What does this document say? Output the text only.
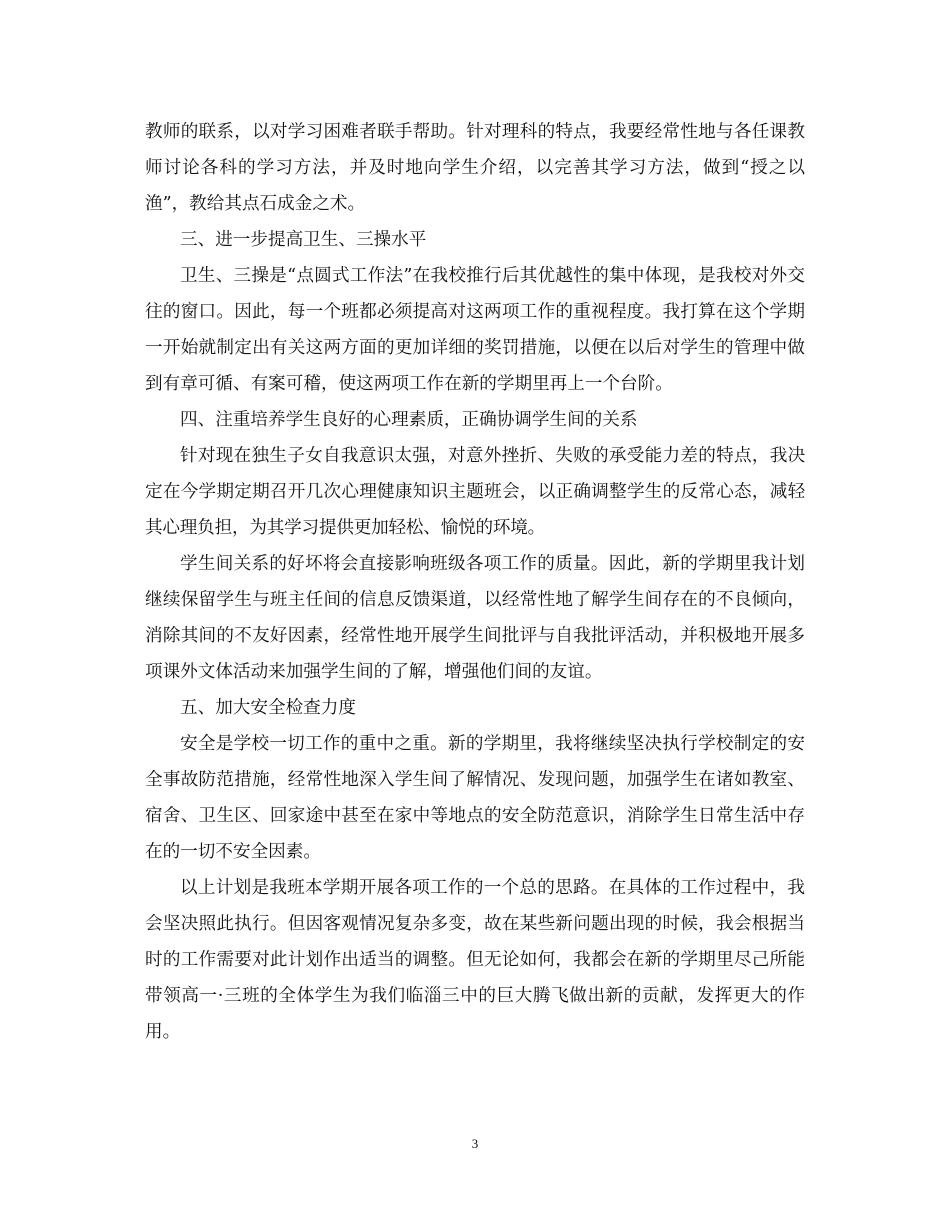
教师的联系，以对学习困难者联手帮助。针对理科的特点，我要经常性地与各任课教师讨论各科的学习方法，并及时地向学生介绍，以完善其学习方法，做到“授之以渔”，教给其点石成金之术。

三、进一步提高卫生、三操水平

卫生、三操是“点圆式工作法”在我校推行后其优越性的集中体现，是我校对外交往的窗口。因此，每一个班都必须提高对这两项工作的重视程度。我打算在这个学期一开始就制定出有关这两方面的更加详细的奖罚措施，以便在以后对学生的管理中做到有章可循、有案可稽，使这两项工作在新的学期里再上一个台阶。

四、注重培养学生良好的心理素质，正确协调学生间的关系

针对现在独生子女自我意识太强，对意外挫折、失败的承受能力差的特点，我决定在今学期定期召开几次心理健康知识主题班会，以正确调整学生的反常心态，减轻其心理负担，为其学习提供更加轻松、愉悦的环境。

学生间关系的好坏将会直接影响班级各项工作的质量。因此，新的学期里我计划继续保留学生与班主任间的信息反馈渠道，以经常性地了解学生间存在的不良倾向，消除其间的不友好因素，经常性地开展学生间批评与自我批评活动，并积极地开展多项课外文体活动来加强学生间的了解，增强他们间的友谊。

五、加大安全检查力度

安全是学校一切工作的重中之重。新的学期里，我将继续坚决执行学校制定的安全事故防范措施，经常性地深入学生间了解情况、发现问题，加强学生在诸如教室、宿舍、卫生区、回家途中甚至在家中等地点的安全防范意识，消除学生日常生活中存在的一切不安全因素。

以上计划是我班本学期开展各项工作的一个总的思路。在具体的工作过程中，我会坚决照此执行。但因客观情况复杂多变，故在某些新问题出现的时候，我会根据当时的工作需要对此计划作出适当的调整。但无论如何，我都会在新的学期里尽己所能带领高一·三班的全体学生为我们临淄三中的巨大腾飞做出新的贡献，发挥更大的作用。

3
